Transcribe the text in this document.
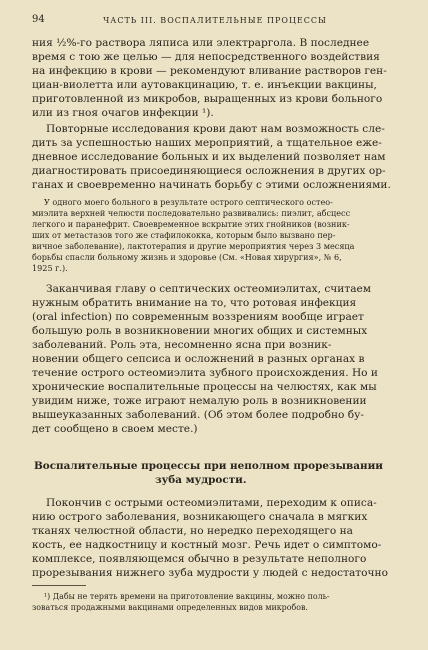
94	ЧАСТЬ III. ВОСПАЛИТЕЛЬНЫЕ ПРОЦЕССЫ
ния ½%-го раствора ляписа или электраргола. В последнее
время с тою же целью — для непосредственного воздействия
на инфекцию в крови — рекомендуют вливание растворов ген-
циан-виолетта или аутовакцинацию, т. е. инъекции вакцины,
приготовленной из микробов, выращенных из крови больного
или из гноя очагов инфекции ¹).
Повторные исследования крови дают нам возможность сле-
дить за успешностью наших мероприятий, а тщательное еже-
дневное исследование больных и их выделений позволяет нам
диагностировать присоединяющиеся осложнения в других ор-
ганах и своевременно начинать борьбу с этими осложнениями.
У одного моего больного в результате острого септического остео-
миэлита верхней челюсти последовательно развивались: пиэлит, абсцесс
легкого и паранефрит. Своевременное вскрытие этих гнойников (возник-
ших от метастазов того же стафилококка, которым было вызвано пер-
вичное заболевание), лактотерапия и другие мероприятия через 3 месяца
борьбы спасли больному жизнь и здоровье (См. «Новая хирургия», № 6,
1925 г.).
Заканчивая главу о септических остеомиэлитах, считаем
нужным обратить внимание на то, что ротовая инфекция
(oral infection) по современным воззрениям вообще играет
большую роль в возникновении многих общих и системных
заболеваний. Роль эта, несомненно ясна при возник-
новении общего сепсиса и осложнений в разных органах в
течение острого остеомиэлита зубного происхождения. Но и
хронические воспалительные процессы на челюстях, как мы
увидим ниже, тоже играют немалую роль в возникновении
вышеуказанных заболеваний. (Об этом более подробно бу-
дет сообщено в своем месте.)
Воспалительные процессы при неполном прорезывании
зуба мудрости.
Покончив с острыми остеомиэлитами, переходим к описа-
нию острого заболевания, возникающего сначала в мягких
тканях челюстной области, но нередко переходящего на
кость, ее надкостницу и костный мозг. Речь идет о симптомо-
комплексе, появляющемся обычно в результате неполного
прорезывания нижнего зуба мудрости у людей с недостаточно
¹) Дабы не терять времени на приготовление вакцины, можно поль-
зоваться продажными вакцинами определенных видов микробов.
